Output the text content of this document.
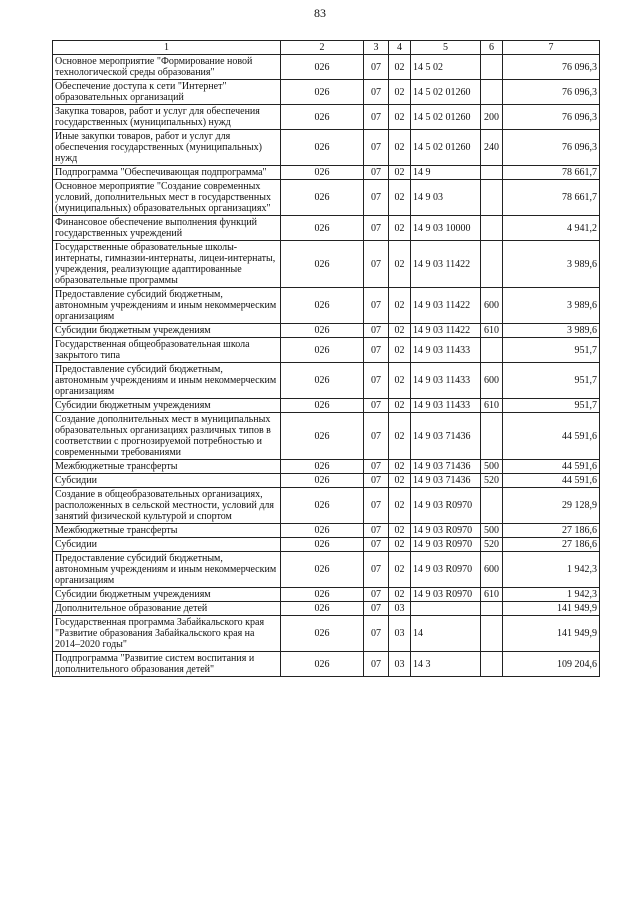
83
1	2	3	4	5	6	7
Основное мероприятие "Формирование новой технологической среды образования"	026	07	02	14 5 02		76 096,3
Обеспечение доступа к сети "Интернет" образовательных организаций	026	07	02	14 5 02 01260		76 096,3
Закупка товаров, работ и услуг для обеспечения государственных (муниципальных) нужд	026	07	02	14 5 02 01260	200	76 096,3
Иные закупки товаров, работ и услуг для обеспечения государственных (муниципальных) нужд	026	07	02	14 5 02 01260	240	76 096,3
Подпрограмма "Обеспечивающая подпрограмма"	026	07	02	14 9		78 661,7
Основное мероприятие "Создание современных условий, дополнительных мест в государственных (муниципальных) образовательных организациях"	026	07	02	14 9 03		78 661,7
Финансовое обеспечение выполнения функций государственных учреждений	026	07	02	14 9 03 10000		4 941,2
Государственные образовательные школы-интернаты, гимназии-интернаты, лицеи-интернаты, учреждения, реализующие адаптированные образовательные программы	026	07	02	14 9 03 11422		3 989,6
Предоставление субсидий бюджетным, автономным учреждениям и иным некоммерческим организациям	026	07	02	14 9 03 11422	600	3 989,6
Субсидии бюджетным учреждениям	026	07	02	14 9 03 11422	610	3 989,6
Государственная общеобразовательная школа закрытого типа	026	07	02	14 9 03 11433		951,7
Предоставление субсидий бюджетным, автономным учреждениям и иным некоммерческим организациям	026	07	02	14 9 03 11433	600	951,7
Субсидии бюджетным учреждениям	026	07	02	14 9 03 11433	610	951,7
Создание дополнительных мест в муниципальных образовательных организациях различных типов в соответствии с прогнозируемой потребностью и современными требованиями	026	07	02	14 9 03 71436		44 591,6
Межбюджетные трансферты	026	07	02	14 9 03 71436	500	44 591,6
Субсидии	026	07	02	14 9 03 71436	520	44 591,6
Создание в общеобразовательных организациях, расположенных в сельской местности, условий для занятий физической культурой и спортом	026	07	02	14 9 03 R0970		29 128,9
Межбюджетные трансферты	026	07	02	14 9 03 R0970	500	27 186,6
Субсидии	026	07	02	14 9 03 R0970	520	27 186,6
Предоставление субсидий бюджетным, автономным учреждениям и иным некоммерческим организациям	026	07	02	14 9 03 R0970	600	1 942,3
Субсидии бюджетным учреждениям	026	07	02	14 9 03 R0970	610	1 942,3
Дополнительное образование детей	026	07	03			141 949,9
Государственная программа Забайкальского края "Развитие образования Забайкальского края на 2014–2020 годы"	026	07	03	14		141 949,9
Подпрограмма "Развитие систем воспитания и дополнительного образования детей"	026	07	03	14 3		109 204,6
